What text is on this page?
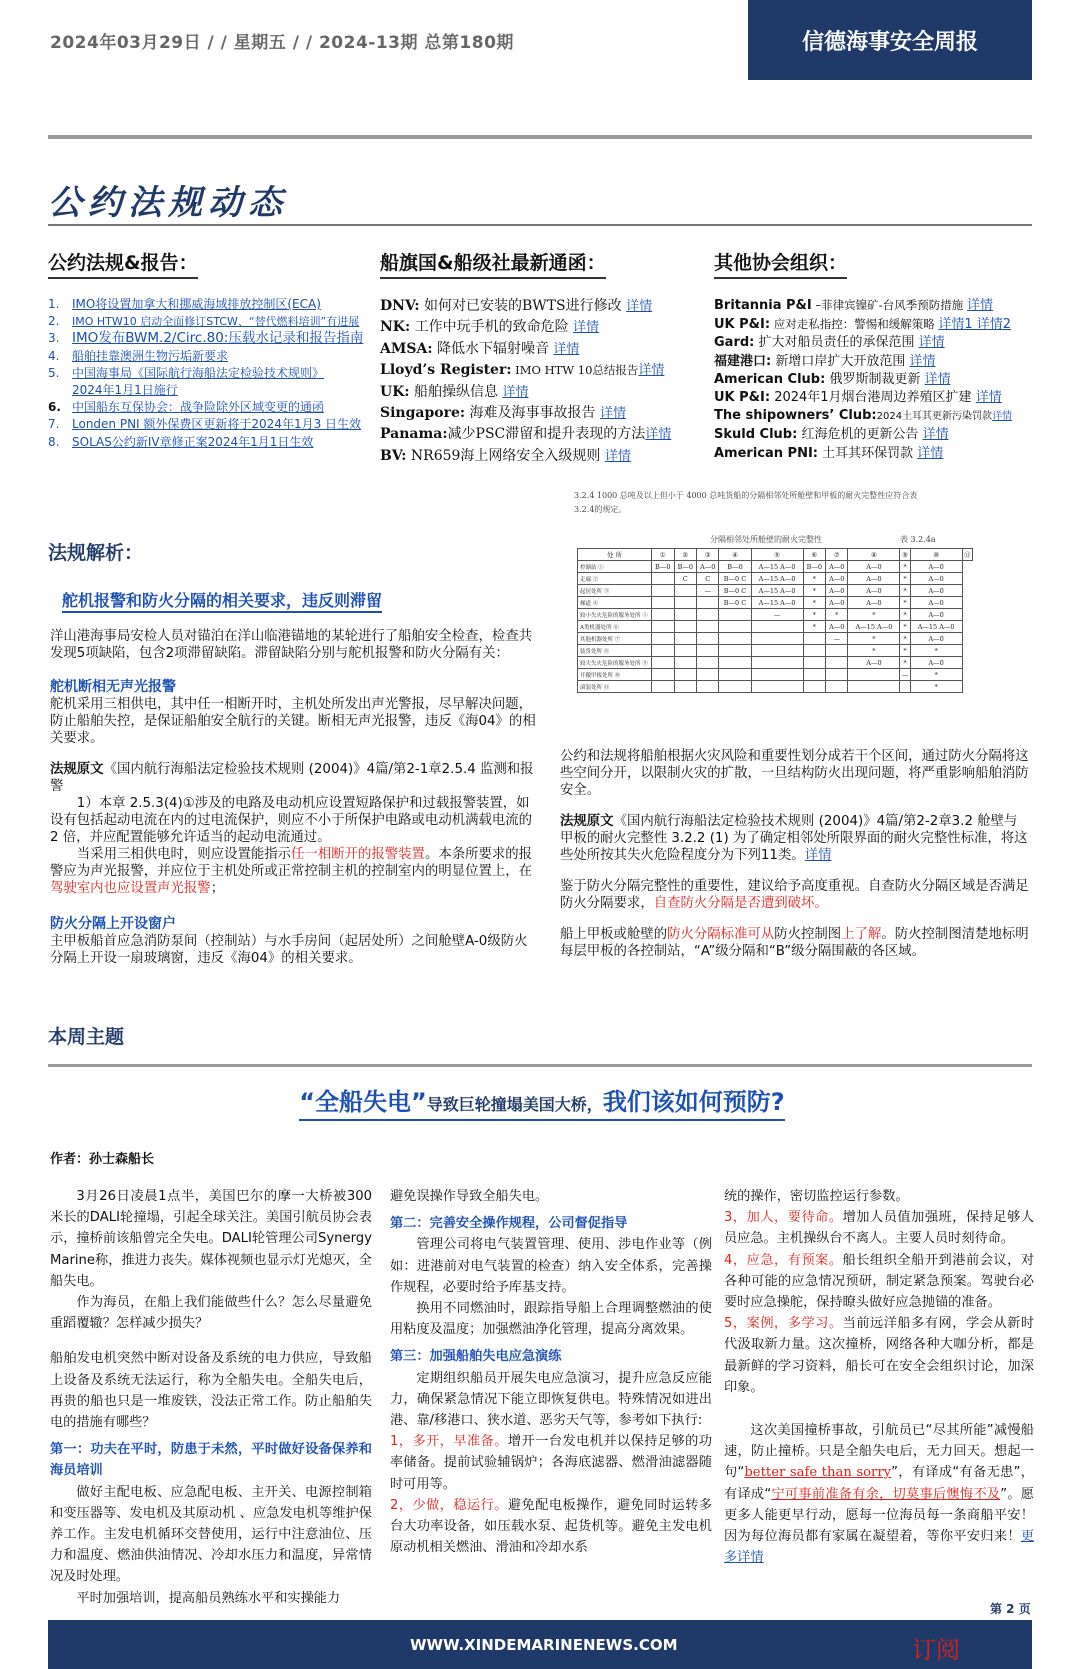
2024年03月29日 / / 星期五 / / 2024-13期 总第180期	信德海事安全周报
公约法规动态
公约法规&报告：	船旗国&船级社最新通函：	其他协会组织：
1.	IMO将设置加拿大和挪威海域排放控制区(ECA)
2.	IMO HTW10 启动全面修订STCW、“替代燃料培训”有进展
3. IMO发布BWM.2/Circ.80:压载水记录和报告指南
4.	船舶挂靠澳洲生物污垢新要求
5.	中国海事局《国际航行海船法定检验技术规则》
2024年1月1日施行
6. 中国船东互保协会：战争险除外区域变更的通函
7.	Londen PNI 额外保费区更新将于2024年1月3 日生效
8.	SOLAS公约新IV章修正案2024年1月1日生效
DNV: 如何对已安装的BWTS进行修改 详情
NK: 工作中玩手机的致命危险 详情
AMSA: 降低水下辐射噪音 详情
Lloyd’s Register: IMO HTW 10总结报告详情
UK: 船舶操纵信息 详情
Singapore: 海难及海事事故报告 详情
Panama:减少PSC滞留和提升表现的方法详情
BV: NR659海上网络安全入级规则 详情
Britannia P&I –菲律宾镍矿-台风季预防措施 详情
UK P&I: 应对走私指控：警惕和缓解策略 详情1 详情2
Gard: 扩大对船员责任的承保范围 详情
福建港口: 新增口岸扩大开放范围 详情
American Club: 俄罗斯制裁更新 详情
UK P&I: 2024年1月烟台港周边养殖区扩建 详情
The shipowners’ Club:2024土耳其更新污染罚款详情
Skuld Club: 红海危机的更新公告 详情
American PNI: 土耳其环保罚款 详情
法规解析：
舵机报警和防火分隔的相关要求，违反则滞留

洋山港海事局安检人员对锚泊在洋山临港锚地的某轮进行了船舶安全检查，检查共发现5项缺陷，包含2项滞留缺陷。滞留缺陷分别与舵机报警和防火分隔有关：

舵机断相无声光报警

舵机采用三相供电，其中任一相断开时，主机处所发出声光警报，尽早解决问题，防止船舶失控，是保证船舶安全航行的关键。断相无声光报警，违反《海04》的相关要求。

法规原文《国内航行海船法定检验技术规则 (2004)》4篇/第2-1章2.5.4 监测和报警

1）本章 2.5.3(4)①涉及的电路及电动机应设置短路保护和过载报警装置，如设有包括起动电流在内的过电流保护，则应不小于所保护电路或电动机满载电流的 2 倍，并应配置能够允许适当的起动电流通过。

当采用三相供电时，则应设置能指示任一相断开的报警装置。本条所要求的报警应为声光报警，并应位于主机处所或正常控制主机的控制室内的明显位置上，在驾驶室内也应设置声光报警；

防火分隔上开设窗户

主甲板船首应急消防泵间（控制站）与水手房间（起居处所）之间舱壁A-0级防火分隔上开设一扇玻璃窗，违反《海04》的相关要求。

3.2.4 1000 总吨及以上但小于 4000 总吨货船的分隔相邻处所舱壁和甲板的耐火完整性应符合表
3.2.4的规定。
分隔相邻处所舱壁的耐火完整性	表 3.2.4a
处 所	①	②	③	④	⑤	⑥	⑦	⑧	⑨	⑩	⑪
控制站 ①	B—0	B—0	A—0	B—0	A—15 A—0	B—0	A—0	A—0	*	A—0	
走廊 ②		C	C	B—0 C	A—15 A—0	*	A—0	A—0	*	A—0	
起居处所 ③			—	B—0 C	A—15 A—0	*	A—0	A—0	*	A—0	
梯道 ④				B—0 C	A—15 A—0	*	A—0	A—0	*	A—0	
较小失火危险的服务处所 ⑤					—	*	*	*	*	A—0	
A类机器处所 ⑥						*	A—0	A—15 A—0	*	A—15 A—0	
其他机器处所 ⑦							—	*	*	A—0	
装货处所 ⑧								*	*	*	
较大失火危险的服务处所 ⑨								A—0	*	A—0	
开敞甲板处所 ⑩									—	*	
滚装处所 ⑪										*	

公约和法规将船舶根据火灾风险和重要性划分成若干个区间，通过防火分隔将这些空间分开，以限制火灾的扩散，一旦结构防火出现问题，将严重影响船舶消防安全。

法规原文《国内航行海船法定检验技术规则 (2004)》4篇/第2-2章3.2 舱壁与甲板的耐火完整性 3.2.2 (1) 为了确定相邻处所限界面的耐火完整性标准，将这些处所按其失火危险程度分为下列11类。详情

鉴于防火分隔完整性的重要性，建议给予高度重视。自查防火分隔区域是否满足防火分隔要求，自查防火分隔是否遭到破坏。

船上甲板或舱壁的防火分隔标准可从防火控制图上了解。防火控制图清楚地标明每层甲板的各控制站，“A”级分隔和“B”级分隔围蔽的各区域。

本周主题
“全船失电”导致巨轮撞塌美国大桥，我们该如何预防?
作者：孙士森船长

3月26日凌晨1点半，美国巴尔的摩一大桥被300米长的DALI轮撞塌，引起全球关注。美国引航员协会表示，撞桥前该船曾完全失电。DALI轮管理公司Synergy Marine称，推进力丧失。媒体视频也显示灯光熄灭，全船失电。

作为海员，在船上我们能做些什么？怎么尽量避免重蹈覆辙？怎样减少损失？

船舶发电机突然中断对设备及系统的电力供应，导致船上设备及系统无法运行，称为全船失电。全船失电后，再贵的船也只是一堆废铁，没法正常工作。防止船舶失电的措施有哪些？

第一：功夫在平时，防患于未然，平时做好设备保养和海员培训

做好主配电板、应急配电板、主开关、电源控制箱和变压器等、发电机及其原动机 、应急发电机等维护保养工作。主发电机循环交替使用，运行中注意油位、压力和温度、燃油供油情况、冷却水压力和温度，异常情况及时处理。

平时加强培训，提高船员熟练水平和实操能力

避免误操作导致全船失电。

第二：完善安全操作规程，公司督促指导

管理公司将电气装置管理、使用、涉电作业等（例如：进港前对电气装置的检查）纳入安全体系，完善操作规程，必要时给予库基支持。

换用不同燃油时，跟踪指导船上合理调整燃油的使用粘度及温度；加强燃油净化管理，提高分离效果。

第三：加强船舶失电应急演练

定期组织船员开展失电应急演习，提升应急反应能力，确保紧急情况下能立即恢复供电。特殊情况如进出港、靠/移港口、狭水道、恶劣天气等，参考如下执行:

1，多开，早准备。增开一台发电机并以保持足够的功率储备。提前试验辅锅炉；各海底滤器、燃滑油滤器随时可用等。

2，少做，稳运行。避免配电板操作，避免同时运转多台大功率设备，如压载水泵、起货机等。避免主发电机原动机相关燃油、滑油和冷却水系

统的操作，密切监控运行参数。

3，加人，要待命。增加人员值加强班，保持足够人员应急。主机操纵台不离人。主要人员时刻待命。

4，应急，有预案。船长组织全船开到港前会议，对各种可能的应急情况预研，制定紧急预案。驾驶台必要时应急操舵，保持瞭头做好应急抛锚的准备。

5，案例，多学习。当前远洋船多有网，学会从新时代汲取新力量。这次撞桥，网络各种大咖分析，都是最新鲜的学习资料，船长可在安全会组织讨论，加深印象。

这次美国撞桥事故，引航员已“尽其所能”减慢船速，防止撞桥。只是全船失电后，无力回天。想起一句“better safe than sorry”，有译成“有备无患”，有译成“宁可事前准备有余，切莫事后懊悔不及”。愿更多人能更早行动，愿每一位海员每一条商船平安！因为每位海员都有家属在凝望着，等你平安归来！更多详情

第 2 页
WWW.XINDEMARINENEWS.COM	订阅
